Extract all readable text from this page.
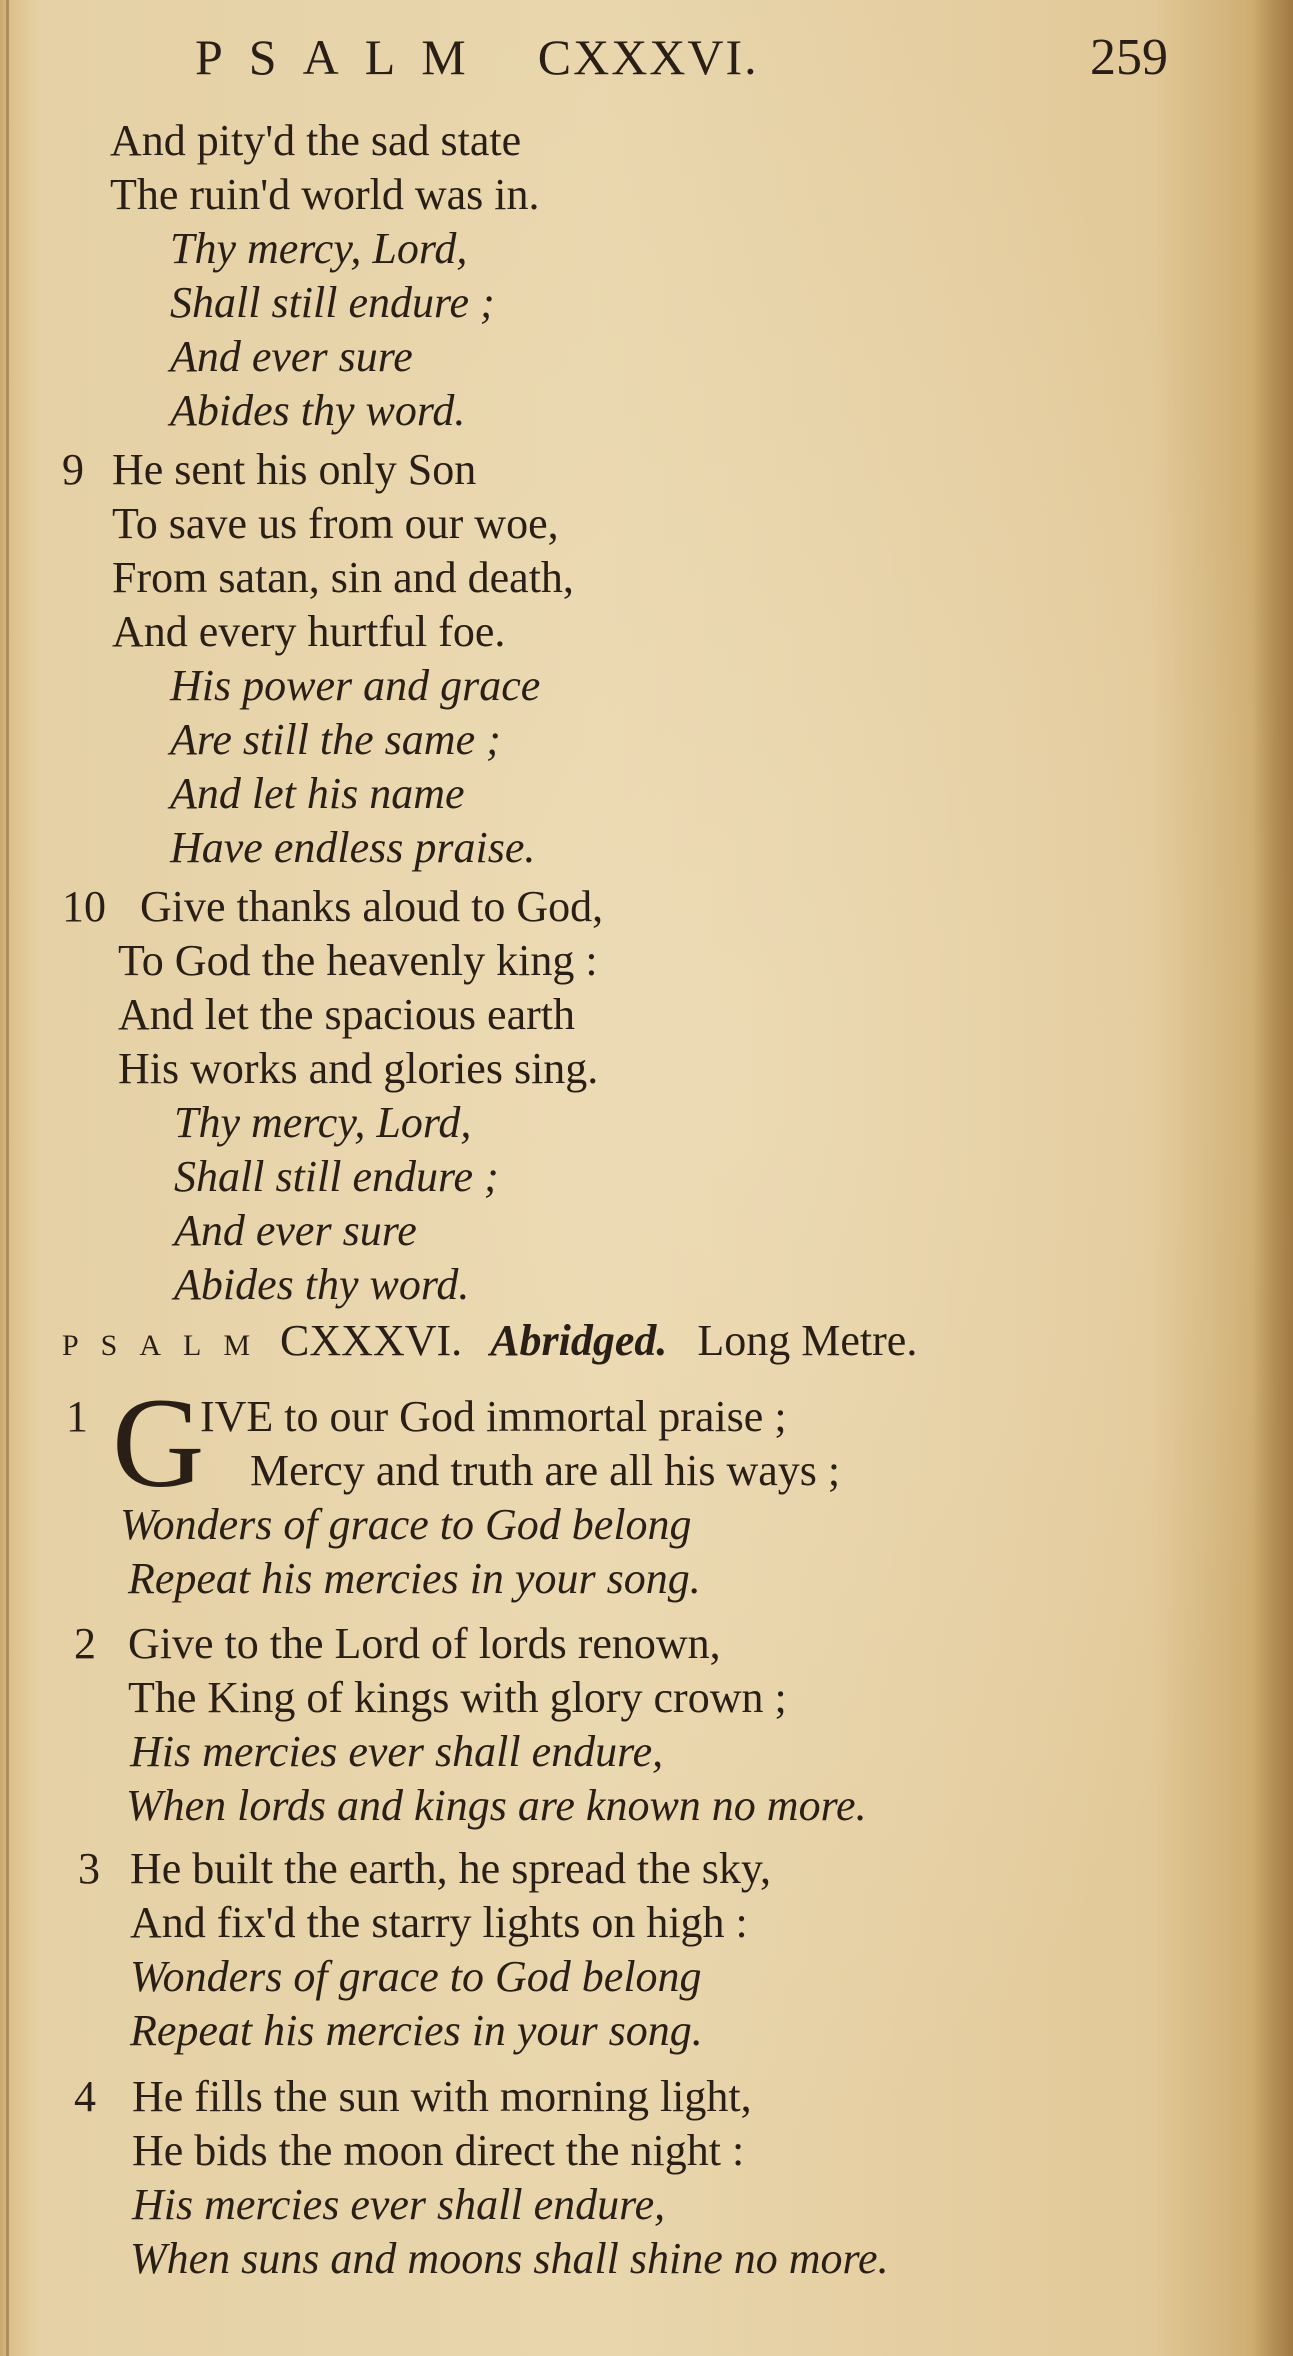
PSALM CXXXVI.	259
And pity'd the sad state
The ruin'd world was in.
Thy mercy, Lord,
Shall still endure ;
And ever sure
Abides thy word.
9 He sent his only Son
To save us from our woe,
From satan, sin and death,
And every hurtful foe.
His power and grace
Are still the same ;
And let his name
Have endless praise.
10 Give thanks aloud to God,
To God the heavenly king :
And let the spacious earth
His works and glories sing.
Thy mercy, Lord,
Shall still endure ;
And ever sure
Abides thy word.
PSALM CXXXVI. Abridged. Long Metre.
1 G
IVE to our God immortal praise ;
Mercy and truth are all his ways ;
Wonders of grace to God belong
Repeat his mercies in your song.
2 Give to the Lord of lords renown,
The King of kings with glory crown ;
His mercies ever shall endure,
When lords and kings are known no more.
3 He built the earth, he spread the sky,
And fix'd the starry lights on high :
Wonders of grace to God belong
Repeat his mercies in your song.
4 He fills the sun with morning light,
He bids the moon direct the night :
His mercies ever shall endure,
When suns and moons shall shine no more.
